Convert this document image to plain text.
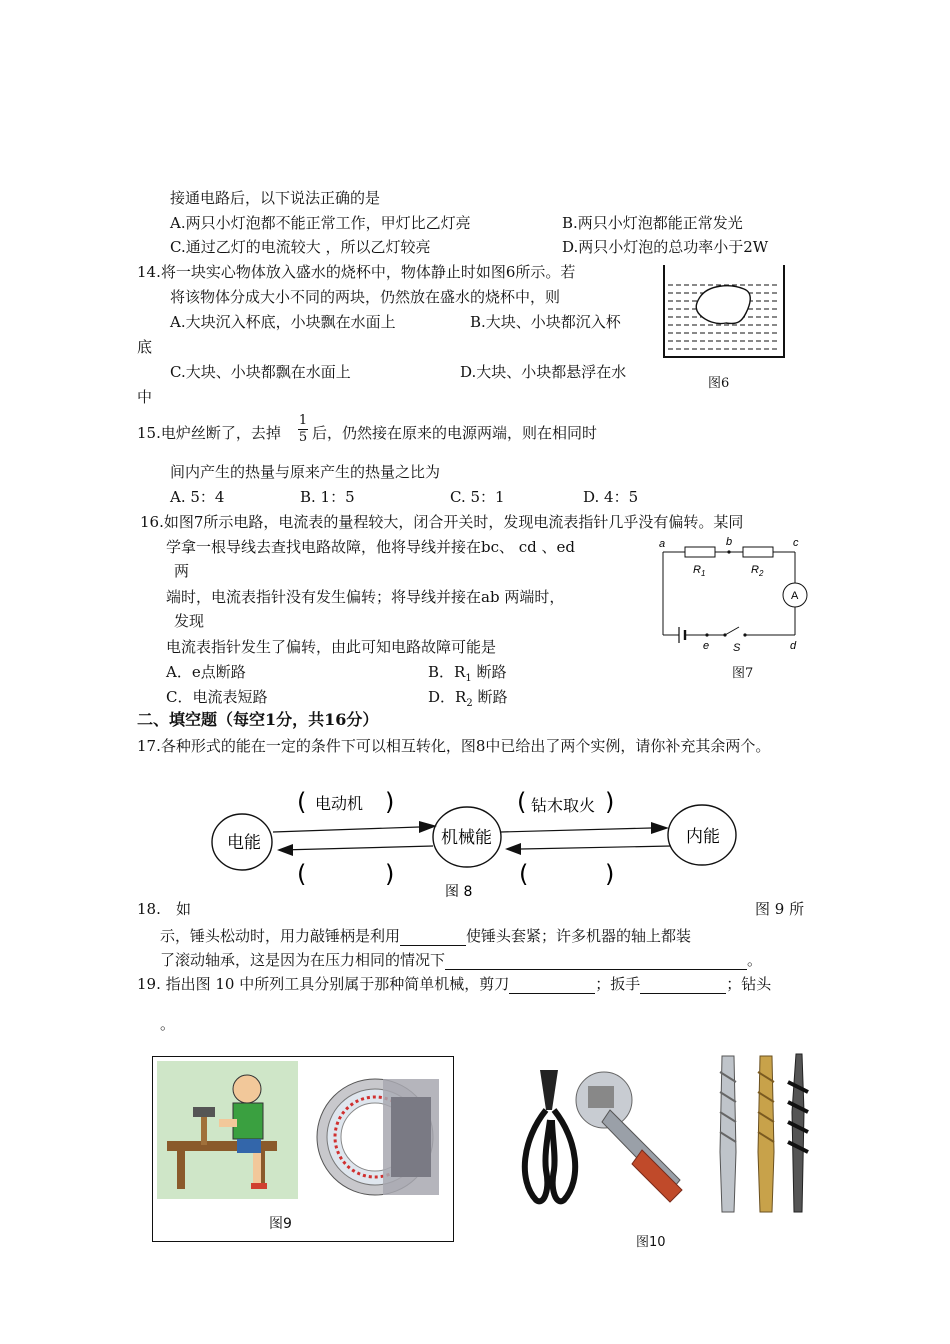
接通电路后，以下说法正确的是
A.两只小灯泡都不能正常工作，甲灯比乙灯亮	B.两只小灯泡都能正常发光
C.通过乙灯的电流较大 ，所以乙灯较亮	D.两只小灯泡的总功率小于2W
14.将一块实心物体放入盛水的烧杯中，物体静止时如图6所示。若
将该物体分成大小不同的两块，仍然放在盛水的烧杯中，则
A.大块沉入杯底，小块飘在水面上	B.大块、小块都沉入杯
底
C.大块、小块都飘在水面上	D.大块、小块都悬浮在水
中
图6
15.电炉丝断了，去掉
1
5 后，仍然接在原来的电源两端，则在相同时
间内产生的热量与原来产生的热量之比为
A. 5：4	B. 1：5	C. 5：1	D. 4：5
16.如图7所示电路，电流表的量程较大，闭合开关时，发现电流表指针几乎没有偏转。某同
学拿一根导线去查找电路故障，他将导线并接在bc、 cd 、ed
两
端时，电流表指针没有发生偏转；将导线并接在ab 两端时，
发现
电流表指针发生了偏转，由此可知电路故障可能是
A．e点断路	B．$R_1$ 断路
C．电流表短路	D．$R_2$ 断路
a	b	c
d
e S
A
$R_1$	$R_2$
图7
二、填空题（每空1分，共16分）
17.各种形式的能在一定的条件下可以相互转化，图8中已给出了两个实例，请你补充其余两个。
电能	机械能	内能
( 电动机 )	( 钻木取火 )
(	)	(	)
图 8
18. 如	图 9 所
示，锤头松动时，用力敲锤柄是利用	使锤头套紧；许多机器的轴上都装
了滚动轴承，这是因为在压力相同的情况下	。
19. 指出图 10 中所列工具分别属于那种简单机械，剪刀	；扳手	；钻头
。
图9
图10
